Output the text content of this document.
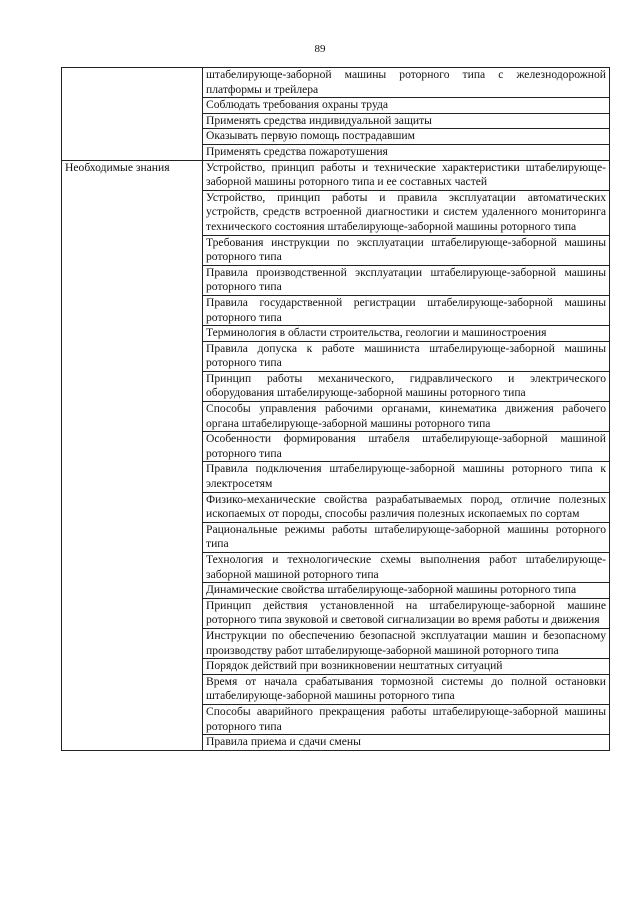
89
	штабелирующе-заборной машины роторного типа с железнодорожной платформы и трейлера
	Соблюдать требования охраны труда
	Применять средства индивидуальной защиты
	Оказывать первую помощь пострадавшим
	Применять средства пожаротушения
Необходимые знания	Устройство, принцип работы и технические характеристики штабелирующе-заборной машины роторного типа и ее составных частей
	Устройство, принцип работы и правила эксплуатации автоматических устройств, средств встроенной диагностики и систем удаленного мониторинга технического состояния штабелирующе-заборной машины роторного типа
	Требования инструкции по эксплуатации штабелирующе-заборной машины роторного типа
	Правила производственной эксплуатации штабелирующе-заборной машины роторного типа
	Правила государственной регистрации штабелирующе-заборной машины роторного типа
	Терминология в области строительства, геологии и машиностроения
	Правила допуска к работе машиниста штабелирующе-заборной машины роторного типа
	Принцип работы механического, гидравлического и электрического оборудования штабелирующе-заборной машины роторного типа
	Способы управления рабочими органами, кинематика движения рабочего органа штабелирующе-заборной машины роторного типа
	Особенности формирования штабеля штабелирующе-заборной машиной роторного типа
	Правила подключения штабелирующе-заборной машины роторного типа к электросетям
	Физико-механические свойства разрабатываемых пород, отличие полезных ископаемых от породы, способы различия полезных ископаемых по сортам
	Рациональные режимы работы штабелирующе-заборной машины роторного типа
	Технология и технологические схемы выполнения работ штабелирующе-заборной машиной роторного типа
	Динамические свойства штабелирующе-заборной машины роторного типа
	Принцип действия установленной на штабелирующе-заборной машине роторного типа звуковой и световой сигнализации во время работы и движения
	Инструкции по обеспечению безопасной эксплуатации машин и безопасному производству работ штабелирующе-заборной машиной роторного типа
	Порядок действий при возникновении нештатных ситуаций
	Время от начала срабатывания тормозной системы до полной остановки штабелирующе-заборной машины роторного типа
	Способы аварийного прекращения работы штабелирующе-заборной машины роторного типа
	Правила приема и сдачи смены
